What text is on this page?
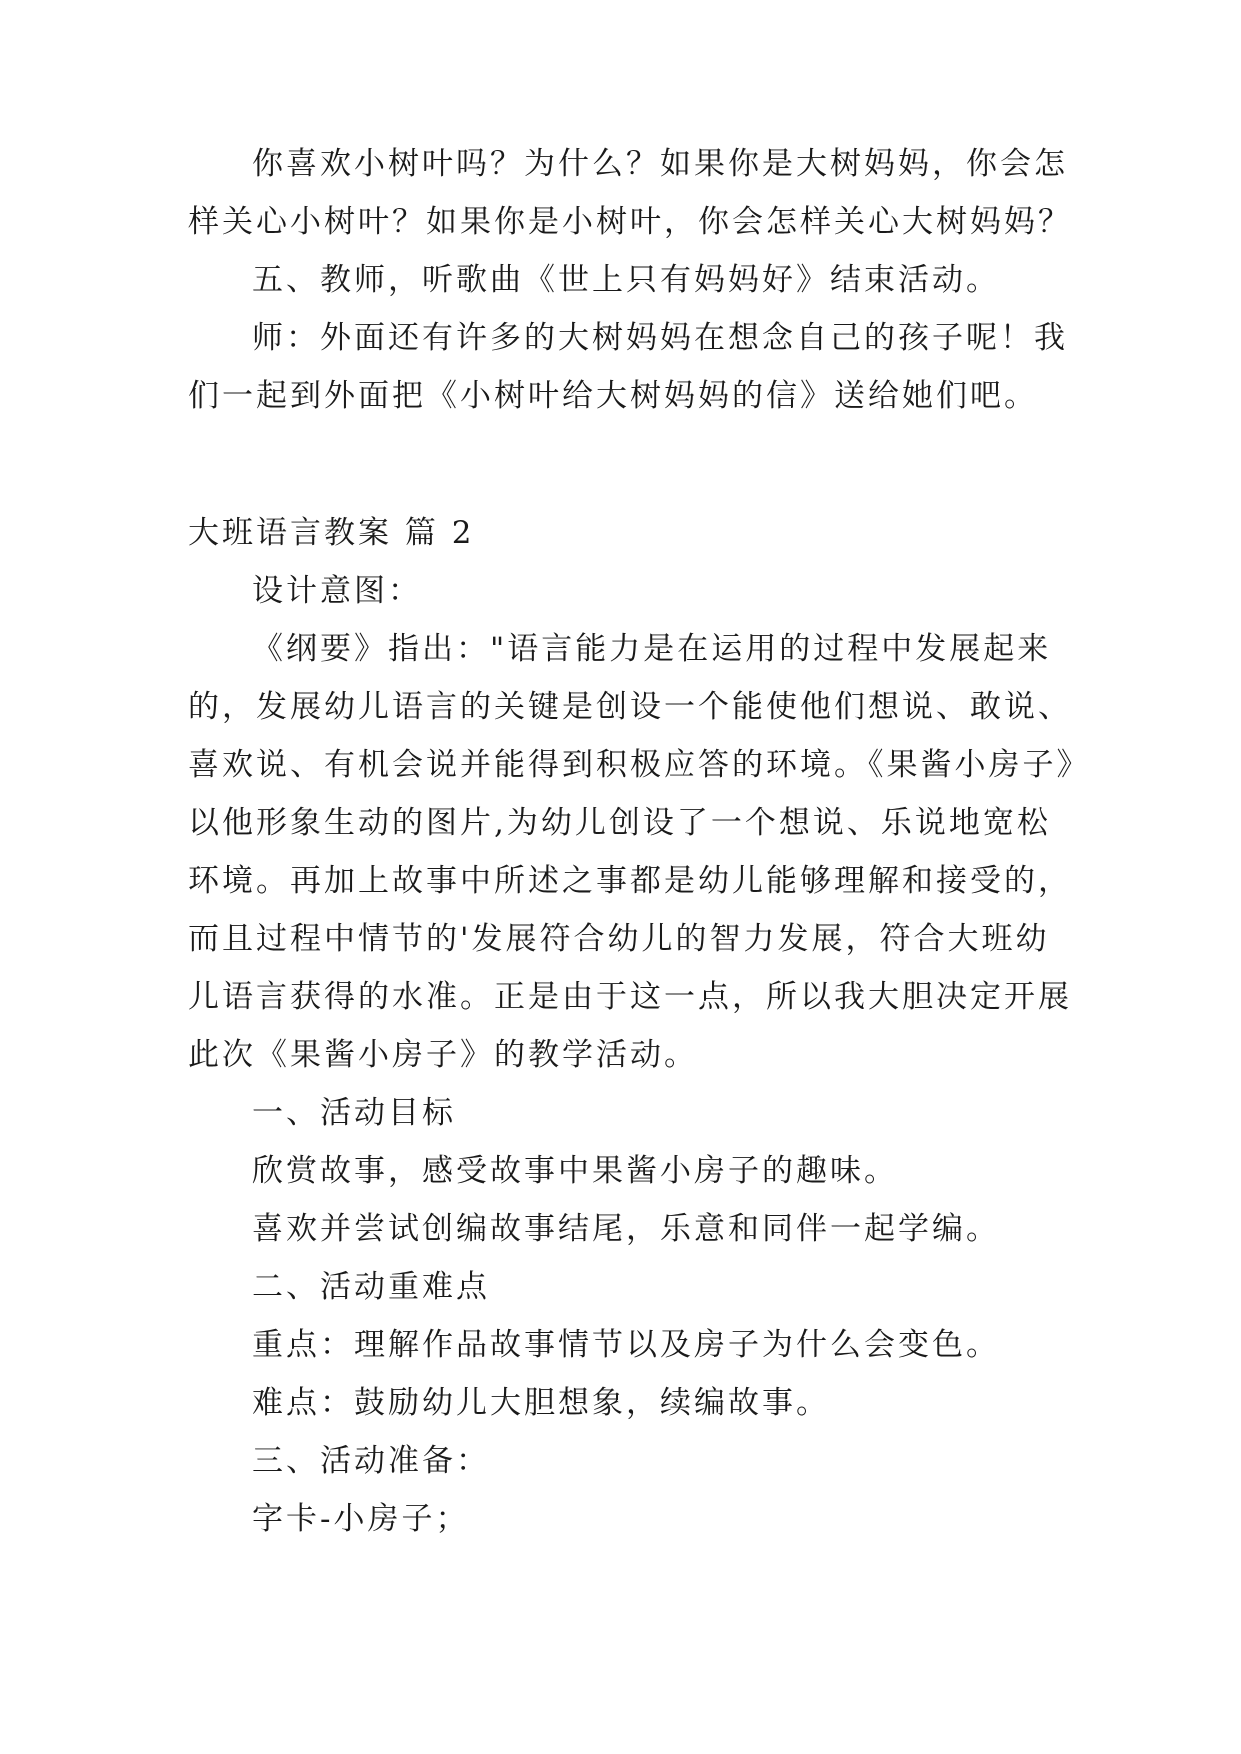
你喜欢小树叶吗？为什么？如果你是大树妈妈，你会怎
样关心小树叶？如果你是小树叶，你会怎样关心大树妈妈？
五、教师，听歌曲《世上只有妈妈好》结束活动。
师：外面还有许多的大树妈妈在想念自己的孩子呢！我
们一起到外面把《小树叶给大树妈妈的信》送给她们吧。
大班语言教案 篇 2
设计意图：
《纲要》指出："语言能力是在运用的过程中发展起来
的，发展幼儿语言的关键是创设一个能使他们想说、敢说、
喜欢说、有机会说并能得到积极应答的环境。《果酱小房子》
以他形象生动的图片,为幼儿创设了一个想说、乐说地宽松
环境。再加上故事中所述之事都是幼儿能够理解和接受的，
而且过程中情节的'发展符合幼儿的智力发展，符合大班幼
儿语言获得的水准。正是由于这一点，所以我大胆决定开展
此次《果酱小房子》的教学活动。
一、活动目标
欣赏故事，感受故事中果酱小房子的趣味。
喜欢并尝试创编故事结尾，乐意和同伴一起学编。
二、活动重难点
重点：理解作品故事情节以及房子为什么会变色。
难点：鼓励幼儿大胆想象，续编故事。
三、活动准备：
字卡-小房子；
